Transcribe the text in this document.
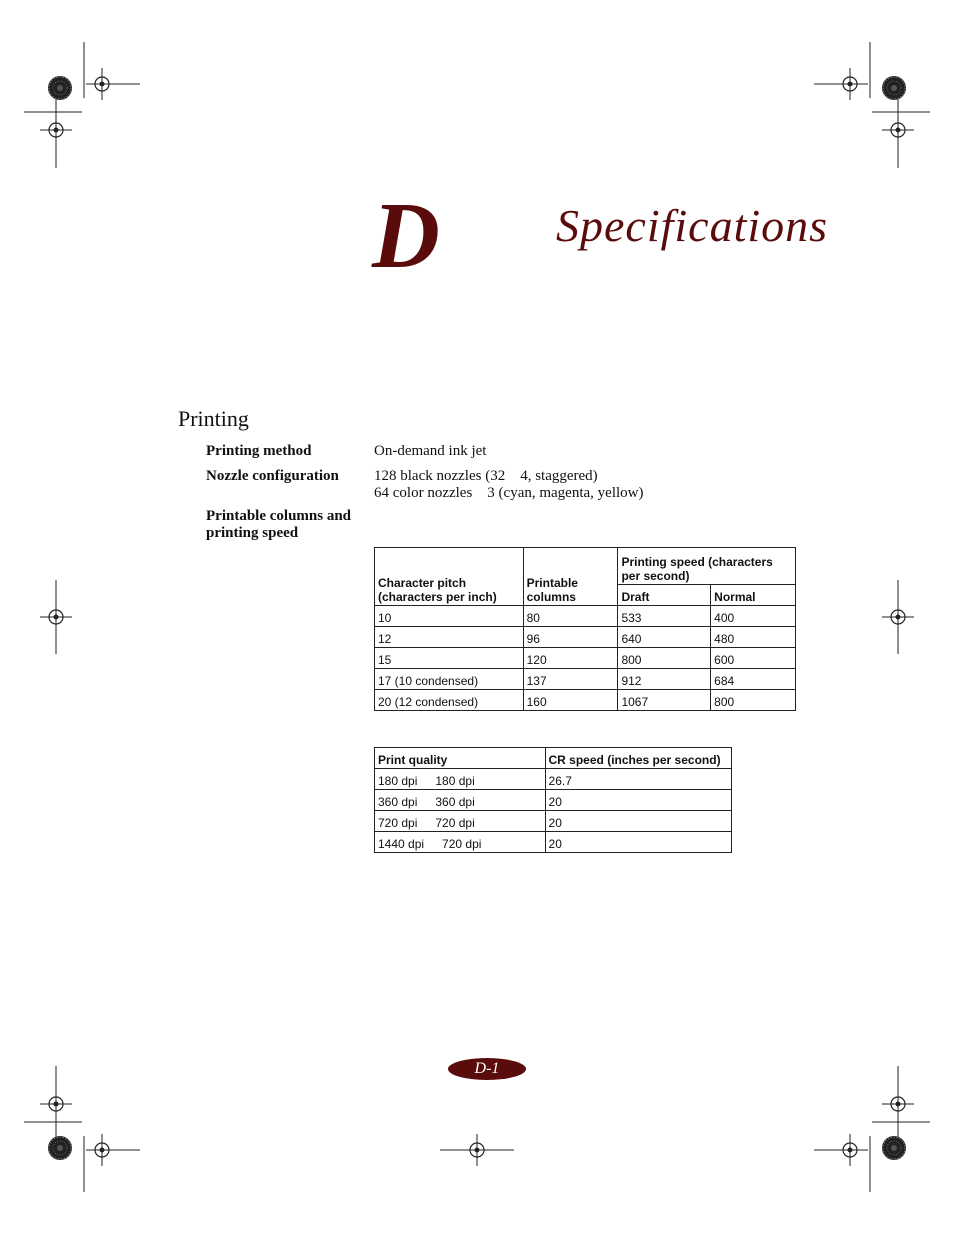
D	Specifications
Printing
Printing method	On-demand ink jet
Nozzle configuration	128 black nozzles (32    4, staggered)
64 color nozzles    3 (cyan, magenta, yellow)
Printable columns and printing speed
Character pitch (characters per inch)	Printable columns	Printing speed (characters per second)	
		Draft	Normal
10	80	533	400
12	96	640	480
15	120	800	600
17 (10 condensed)	137	912	684
20 (12 condensed)	160	1067	800
Print quality	CR speed (inches per second)
180 dpi 180 dpi	26.7
360 dpi 360 dpi	20
720 dpi 720 dpi	20
1440 dpi 720 dpi	20
D-1
